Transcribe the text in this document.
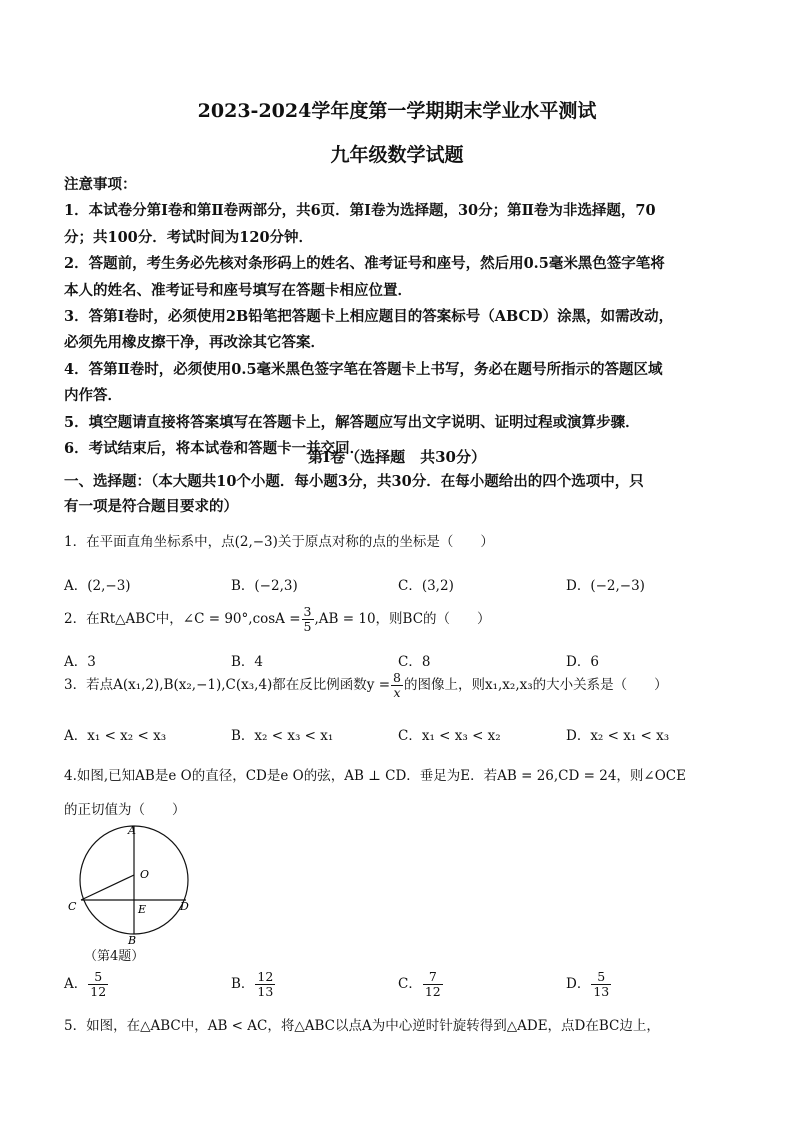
2023-2024学年度第一学期期末学业水平测试
九年级数学试题

注意事项：

1．本试卷分第Ⅰ卷和第Ⅱ卷两部分，共6页．第Ⅰ卷为选择题，30分；第Ⅱ卷为非选择题，70

分；共100分．考试时间为120分钟．

2．答题前，考生务必先核对条形码上的姓名、准考证号和座号，然后用0.5毫米黑色签字笔将

本人的姓名、准考证号和座号填写在答题卡相应位置．

3．答第Ⅰ卷时，必须使用2B铅笔把答题卡上相应题目的答案标号（ABCD）涂黑，如需改动，

必须先用橡皮擦干净，再改涂其它答案．

4．答第Ⅱ卷时，必须使用0.5毫米黑色签字笔在答题卡上书写，务必在题号所指示的答题区域

内作答．

5．填空题请直接将答案填写在答题卡上，解答题应写出文字说明、证明过程或演算步骤．

6．考试结束后，将本试卷和答题卡一并交回．

第Ⅰ卷（选择题　共30分）
一、选择题：（本大题共10个小题．每小题3分，共30分．在每小题给出的四个选项中，只
有一项是符合题目要求的）
1．在平面直角坐标系中，点(2,−3)关于原点对称的点的坐标是（　　）
A．(2,−3)	B．(−2,3)	C．(3,2)	D．(−2,−3)
2．在Rt△ABC中，∠C = $90^\circ,\cos A = \frac{3}{5} ,AB = 10$，则BC的（　　）
A．3	B．4	C．8	D．6
3．若点A(x₁,2),B(x₂,−1),C(x₃,4)都在反比例函数$y = \frac{8}{x}$ 的图像上，则x₁,x₂,x₃的大小关系是（　　）
A．x₁ < x₂ < x₃	B．x₂ < x₃ < x₁	C．x₁ < x₃ < x₂	D．x₂ < x₁ < x₃
4.如图,已知AB是e O的直径，CD是e O的弦，AB ⊥ CD．垂足为E．若AB = 26,CD = 24，则∠OCE
的正切值为（　　）
A
O
C	E	D
B
（第4题）
A． $\frac{5}{12}$	B． $\frac{12}{13}$	C． $\frac{7}{12}$	D． $\frac{5}{13}$
5．如图，在△ABC中，AB < AC，将△ABC以点A为中心逆时针旋转得到△ADE，点D在BC边上，
